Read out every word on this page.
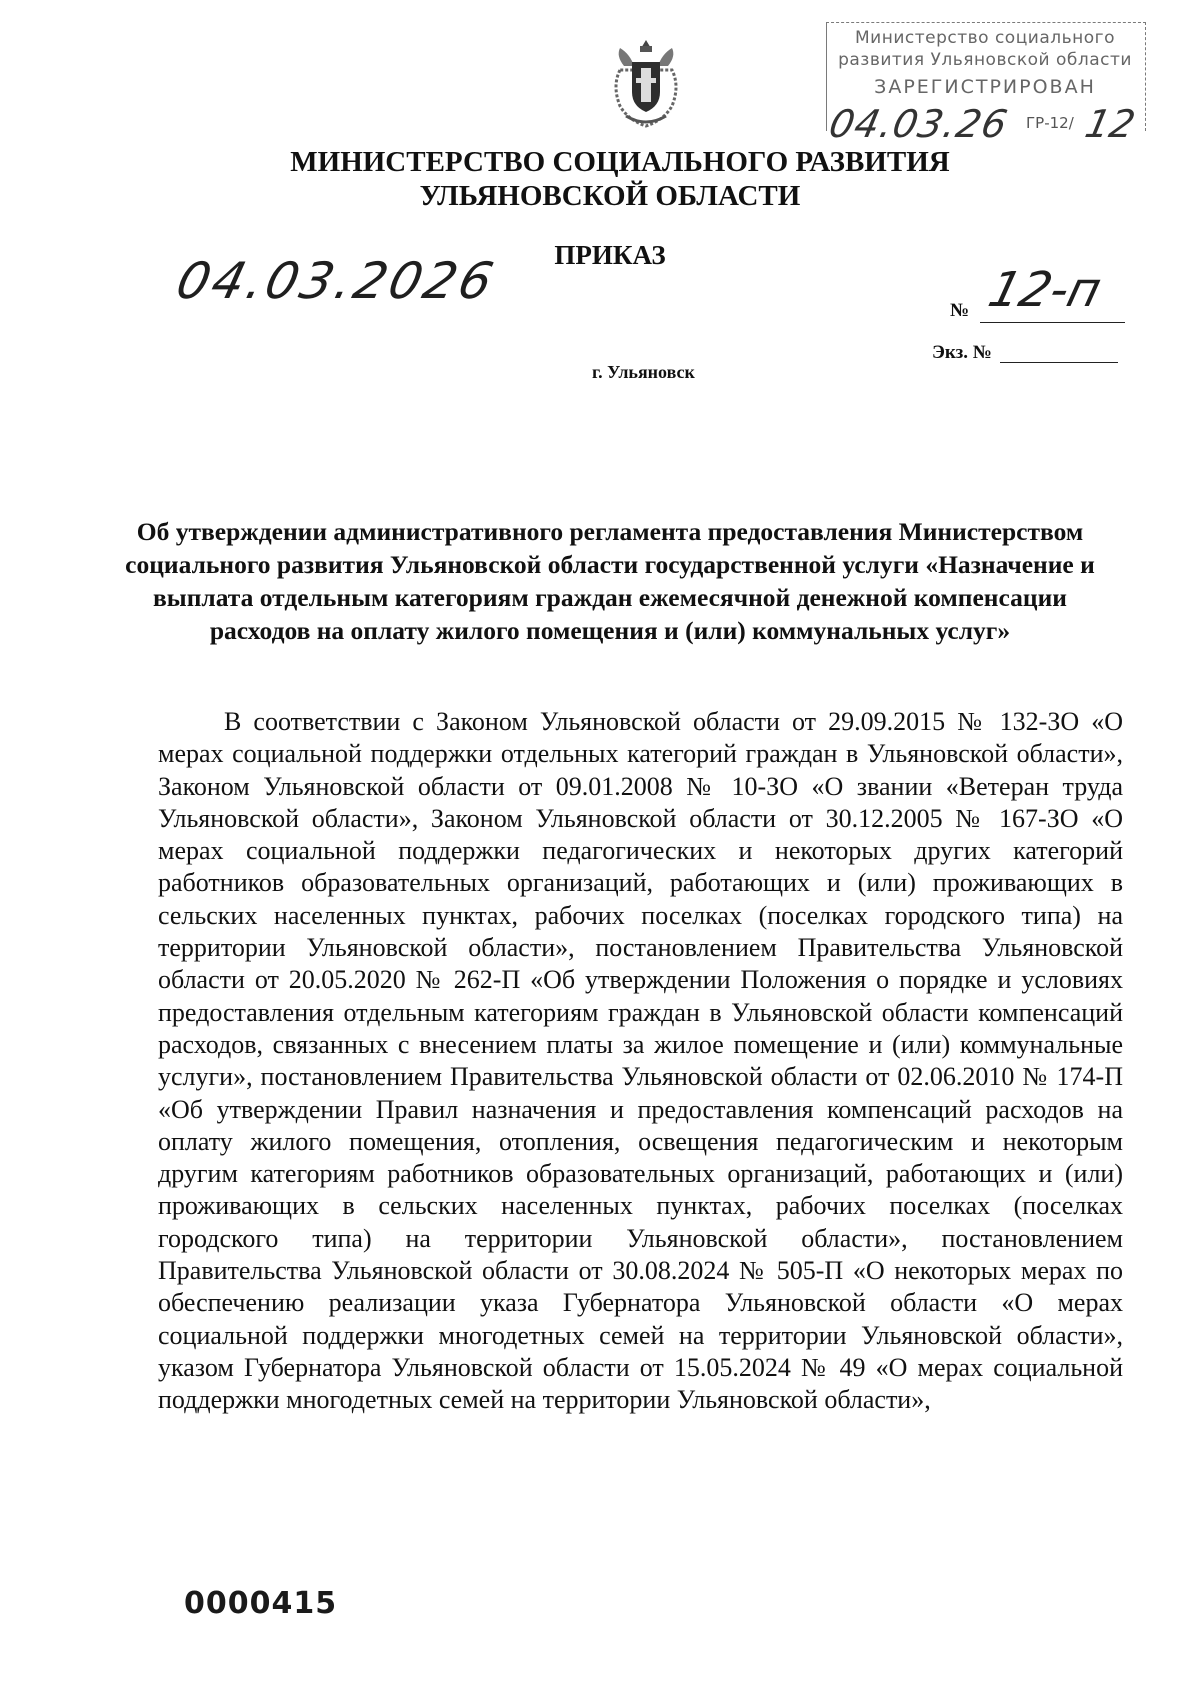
Министерство социального
развития Ульяновской области
ЗАРЕГИСТРИРОВАН
04.03.26 ГР-12/ 12
МИНИСТЕРСТВО СОЦИАЛЬНОГО РАЗВИТИЯ
УЛЬЯНОВСКОЙ ОБЛАСТИ
ПРИКАЗ
04.03.2026
№ 12-п
Экз. №
г. Ульяновск
Об утверждении административного регламента предоставления Министерством социального развития Ульяновской области государственной услуги «Назначение и выплата отдельным категориям граждан ежемесячной денежной компенсации расходов на оплату жилого помещения и (или) коммунальных услуг»
В соответствии с Законом Ульяновской области от 29.09.2015 № 132-ЗО «О мерах социальной поддержки отдельных категорий граждан в Ульяновской области», Законом Ульяновской области от 09.01.2008 № 10-ЗО «О звании «Ветеран труда Ульяновской области», Законом Ульяновской области от 30.12.2005 № 167-ЗО «О мерах социальной поддержки педагогических и некоторых других категорий работников образовательных организаций, работающих и (или) проживающих в сельских населенных пунктах, рабочих поселках (поселках городского типа) на территории Ульяновской области», постановлением Правительства Ульяновской области от 20.05.2020 № 262-П «Об утверждении Положения о порядке и условиях предоставления отдельным категориям граждан в Ульяновской области компенсаций расходов, связанных с внесением платы за жилое помещение и (или) коммунальные услуги», постановлением Правительства Ульяновской области от 02.06.2010 № 174-П «Об утверждении Правил назначения и предоставления компенсаций расходов на оплату жилого помещения, отопления, освещения педагогическим и некоторым другим категориям работников образовательных организаций, работающих и (или) проживающих в сельских населенных пунктах, рабочих поселках (поселках городского типа) на территории Ульяновской области», постановлением Правительства Ульяновской области от 30.08.2024 № 505-П «О некоторых мерах по обеспечению реализации указа Губернатора Ульяновской области «О мерах социальной поддержки многодетных семей на территории Ульяновской области», указом Губернатора Ульяновской области от 15.05.2024 № 49 «О мерах социальной поддержки многодетных семей на территории Ульяновской области»,
0000415
